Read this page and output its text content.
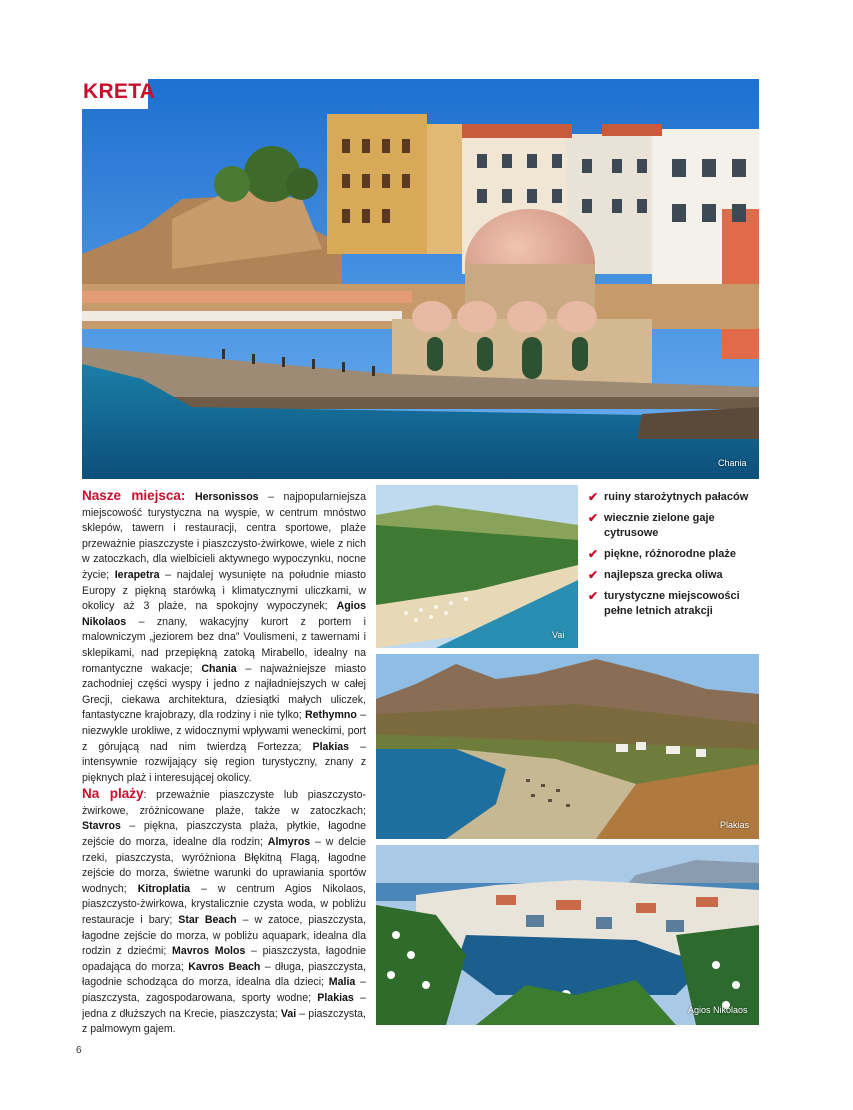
Chania
KRETA
Vai
✔ ruiny starożytnych pałaców
✔ wiecznie zielone gaje cytrusowe
✔ piękne, różnorodne plaże
✔ najlepsza grecka oliwa
✔ turystyczne miejscowości pełne letnich atrakcji
Plakias
Agios Nikolaos

Nasze miejsca: Hersonissos – najpopularniejsza miejscowość turystyczna na wyspie, w centrum mnóstwo sklepów, tawern i restauracji, centra sportowe, plaże przeważnie piaszczyste i piaszczysto-żwirkowe, wiele z nich w zatoczkach, dla wielbicieli aktywnego wypoczynku, nocne życie; Ierapetra – najdalej wysunięte na południe miasto Europy z piękną starówką i klimatycznymi uliczkami, w okolicy aż 3 plaże, na spokojny wypoczynek; Agios Nikolaos – znany, wakacyjny kurort z portem i malowniczym „jeziorem bez dna” Voulismeni, z tawernami i sklepikami, nad przepiękną zatoką Mirabello, idealny na romantyczne wakacje; Chania – najważniejsze miasto zachodniej części wyspy i jedno z najładniejszych w całej Grecji, ciekawa architektura, dziesiątki małych uliczek, fantastyczne krajobrazy, dla rodziny i nie tylko; Rethymno – niezwykle urokliwe, z widocznymi wpływami weneckimi, port z górującą nad nim twierdzą Fortezza; Plakias – intensywnie rozwijający się region turystyczny, znany z pięknych plaż i interesującej okolicy.

Na plaży: przeważnie piaszczyste lub piaszczysto-żwirkowe, zróżnicowane plaże, także w zatoczkach; Stavros – piękna, piaszczysta plaża, płytkie, łagodne zejście do morza, idealne dla rodzin; Almyros – w delcie rzeki, piaszczysta, wyróżniona Błękitną Flagą, łagodne zejście do morza, świetne warunki do uprawiania sportów wodnych; Kitroplatia – w centrum Agios Nikolaos, piaszczysto-żwirkowa, krystalicznie czysta woda, w pobliżu restauracje i bary; Star Beach – w zatoce, piaszczysta, łagodne zejście do morza, w pobliżu aquapark, idealna dla rodzin z dziećmi; Mavros Molos – piaszczysta, łagodnie opadająca do morza; Kavros Beach – długa, piaszczysta, łagodnie schodząca do morza, idealna dla dzieci; Malia – piaszczysta, zagospodarowana, sporty wodne; Plakias – jedna z dłuższych na Krecie, piaszczysta; Vai – piaszczysta, z palmowym gajem.

6
